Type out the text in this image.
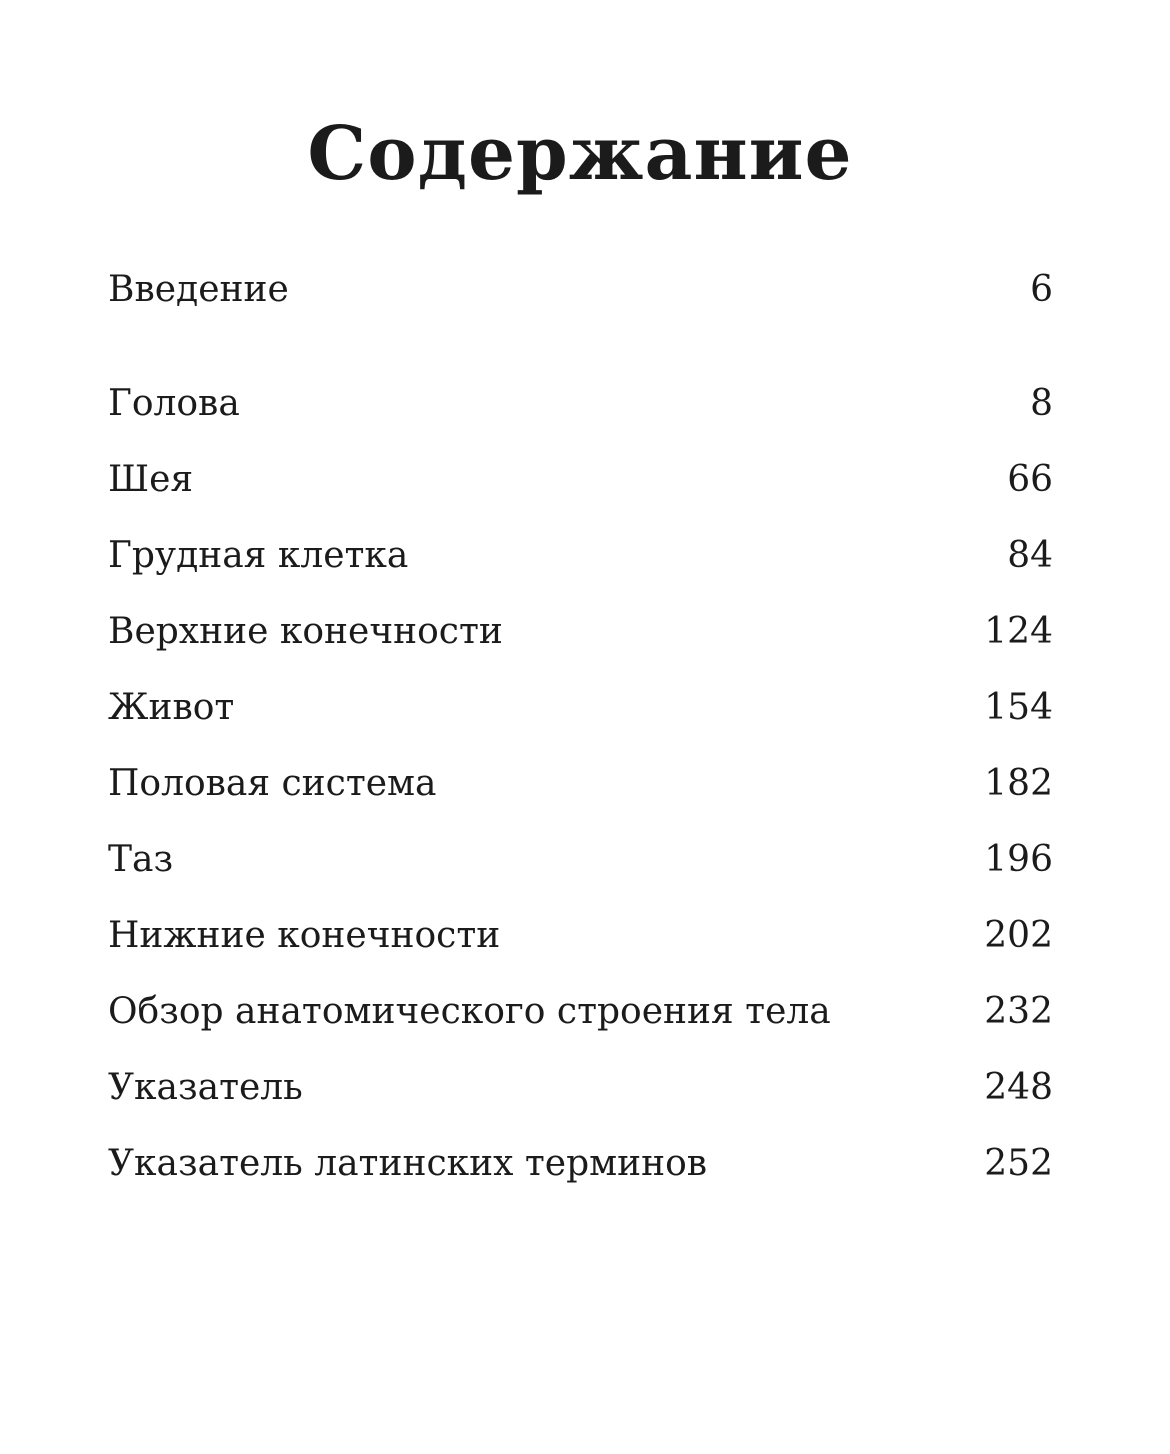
Содержание
Введение	6
Голова	8
Шея	66
Грудная клетка	84
Верхние конечности	124
Живот	154
Половая система	182
Таз	196
Нижние конечности	202
Обзор анатомического строения тела	232
Указатель	248
Указатель латинских терминов	252
